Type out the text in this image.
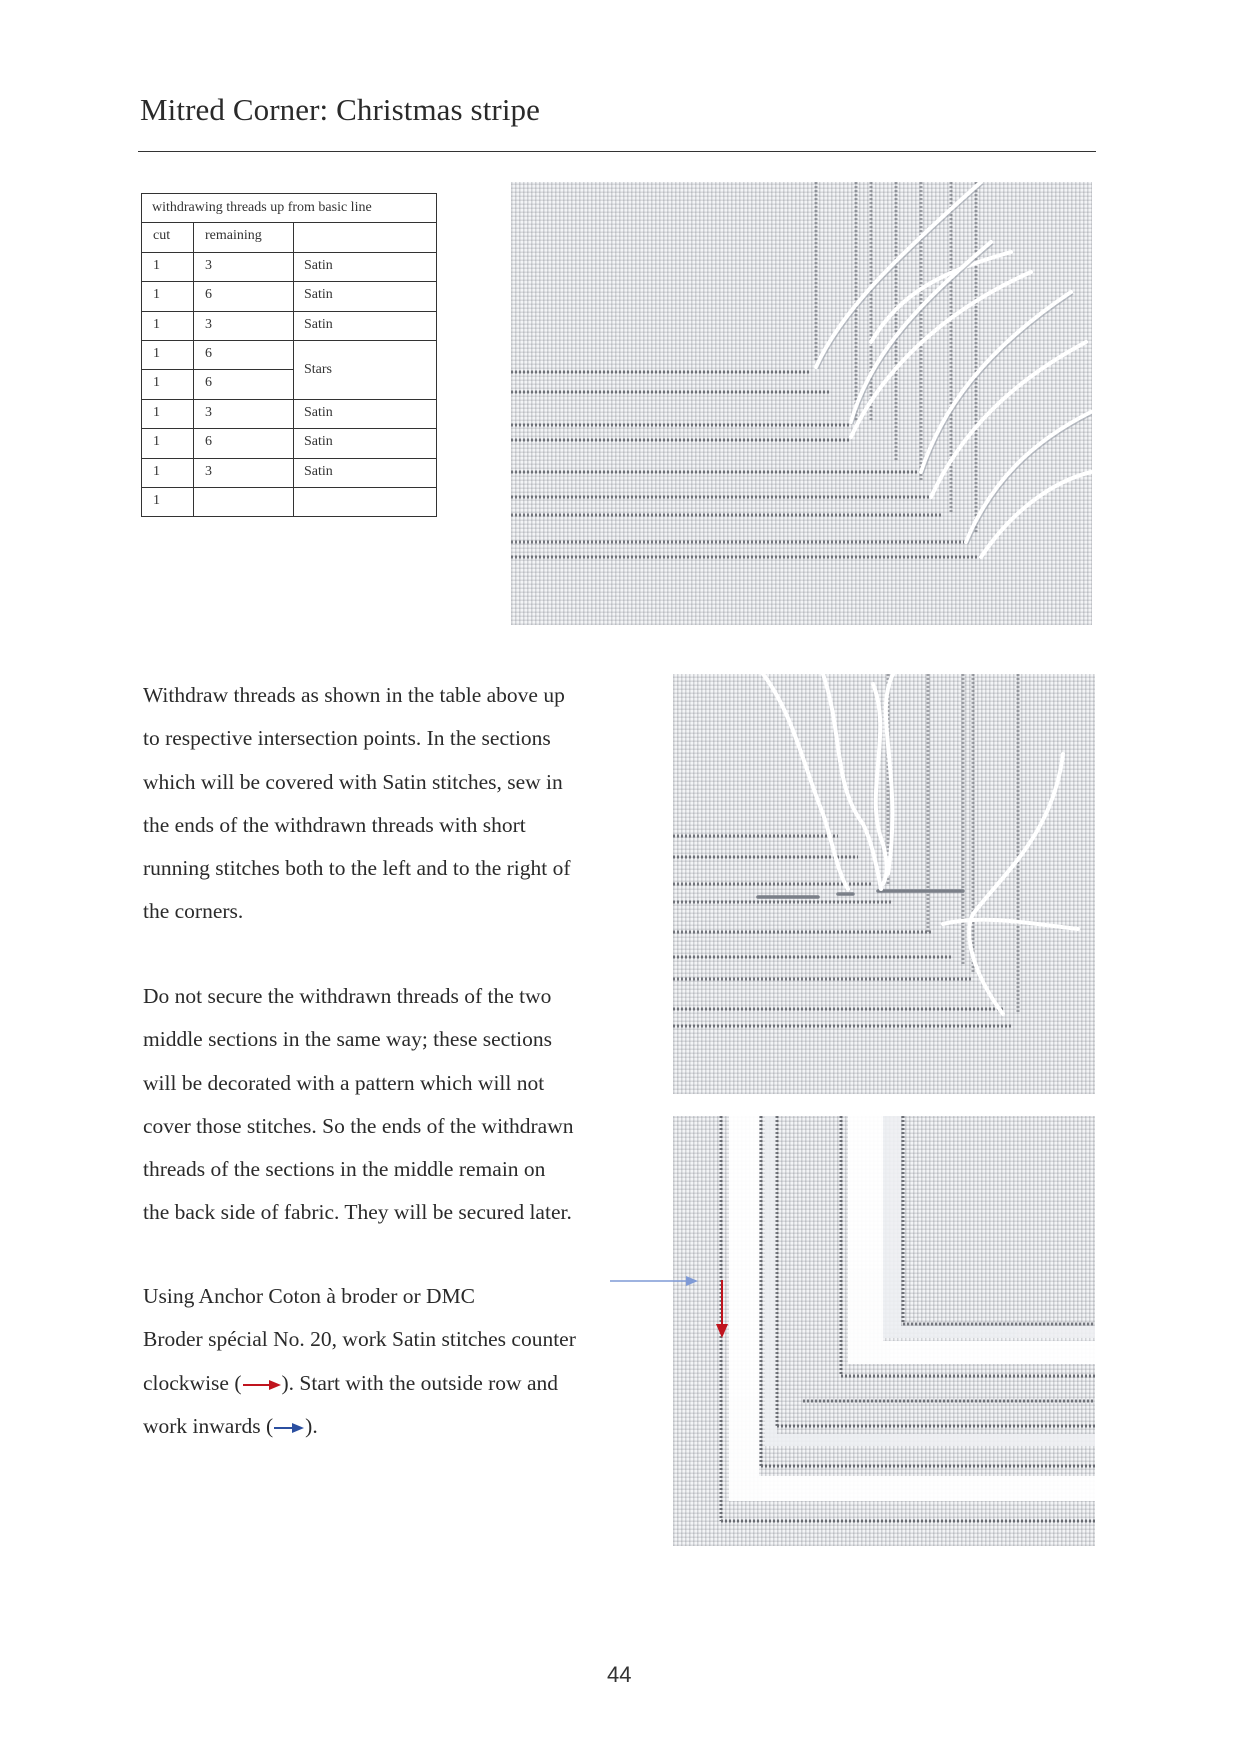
Mitred Corner: Christmas stripe
withdrawing threads up from basic line		
cut	remaining	
1	3	Satin
1	6	Satin
1	3	Satin
1	6	Stars
1	6	
1	3	Satin
1	6	Satin
1	3	Satin
1		
Withdraw threads as shown in the table above up
to respective intersection points. In the sections
which will be covered with Satin stitches, sew in
the ends of the withdrawn threads with short
running stitches both to the left and to the right of
the corners.
Do not secure the withdrawn threads of the two
middle sections in the same way; these sections
will be decorated with a pattern which will not
cover those stitches. So the ends of the withdrawn
threads of the sections in the middle remain on
the back side of fabric. They will be secured later.
Using Anchor Coton à broder or DMC
Broder spécial No. 20, work Satin stitches counter
clockwise ( ). Start with the outside row and
work inwards ( ).
44
